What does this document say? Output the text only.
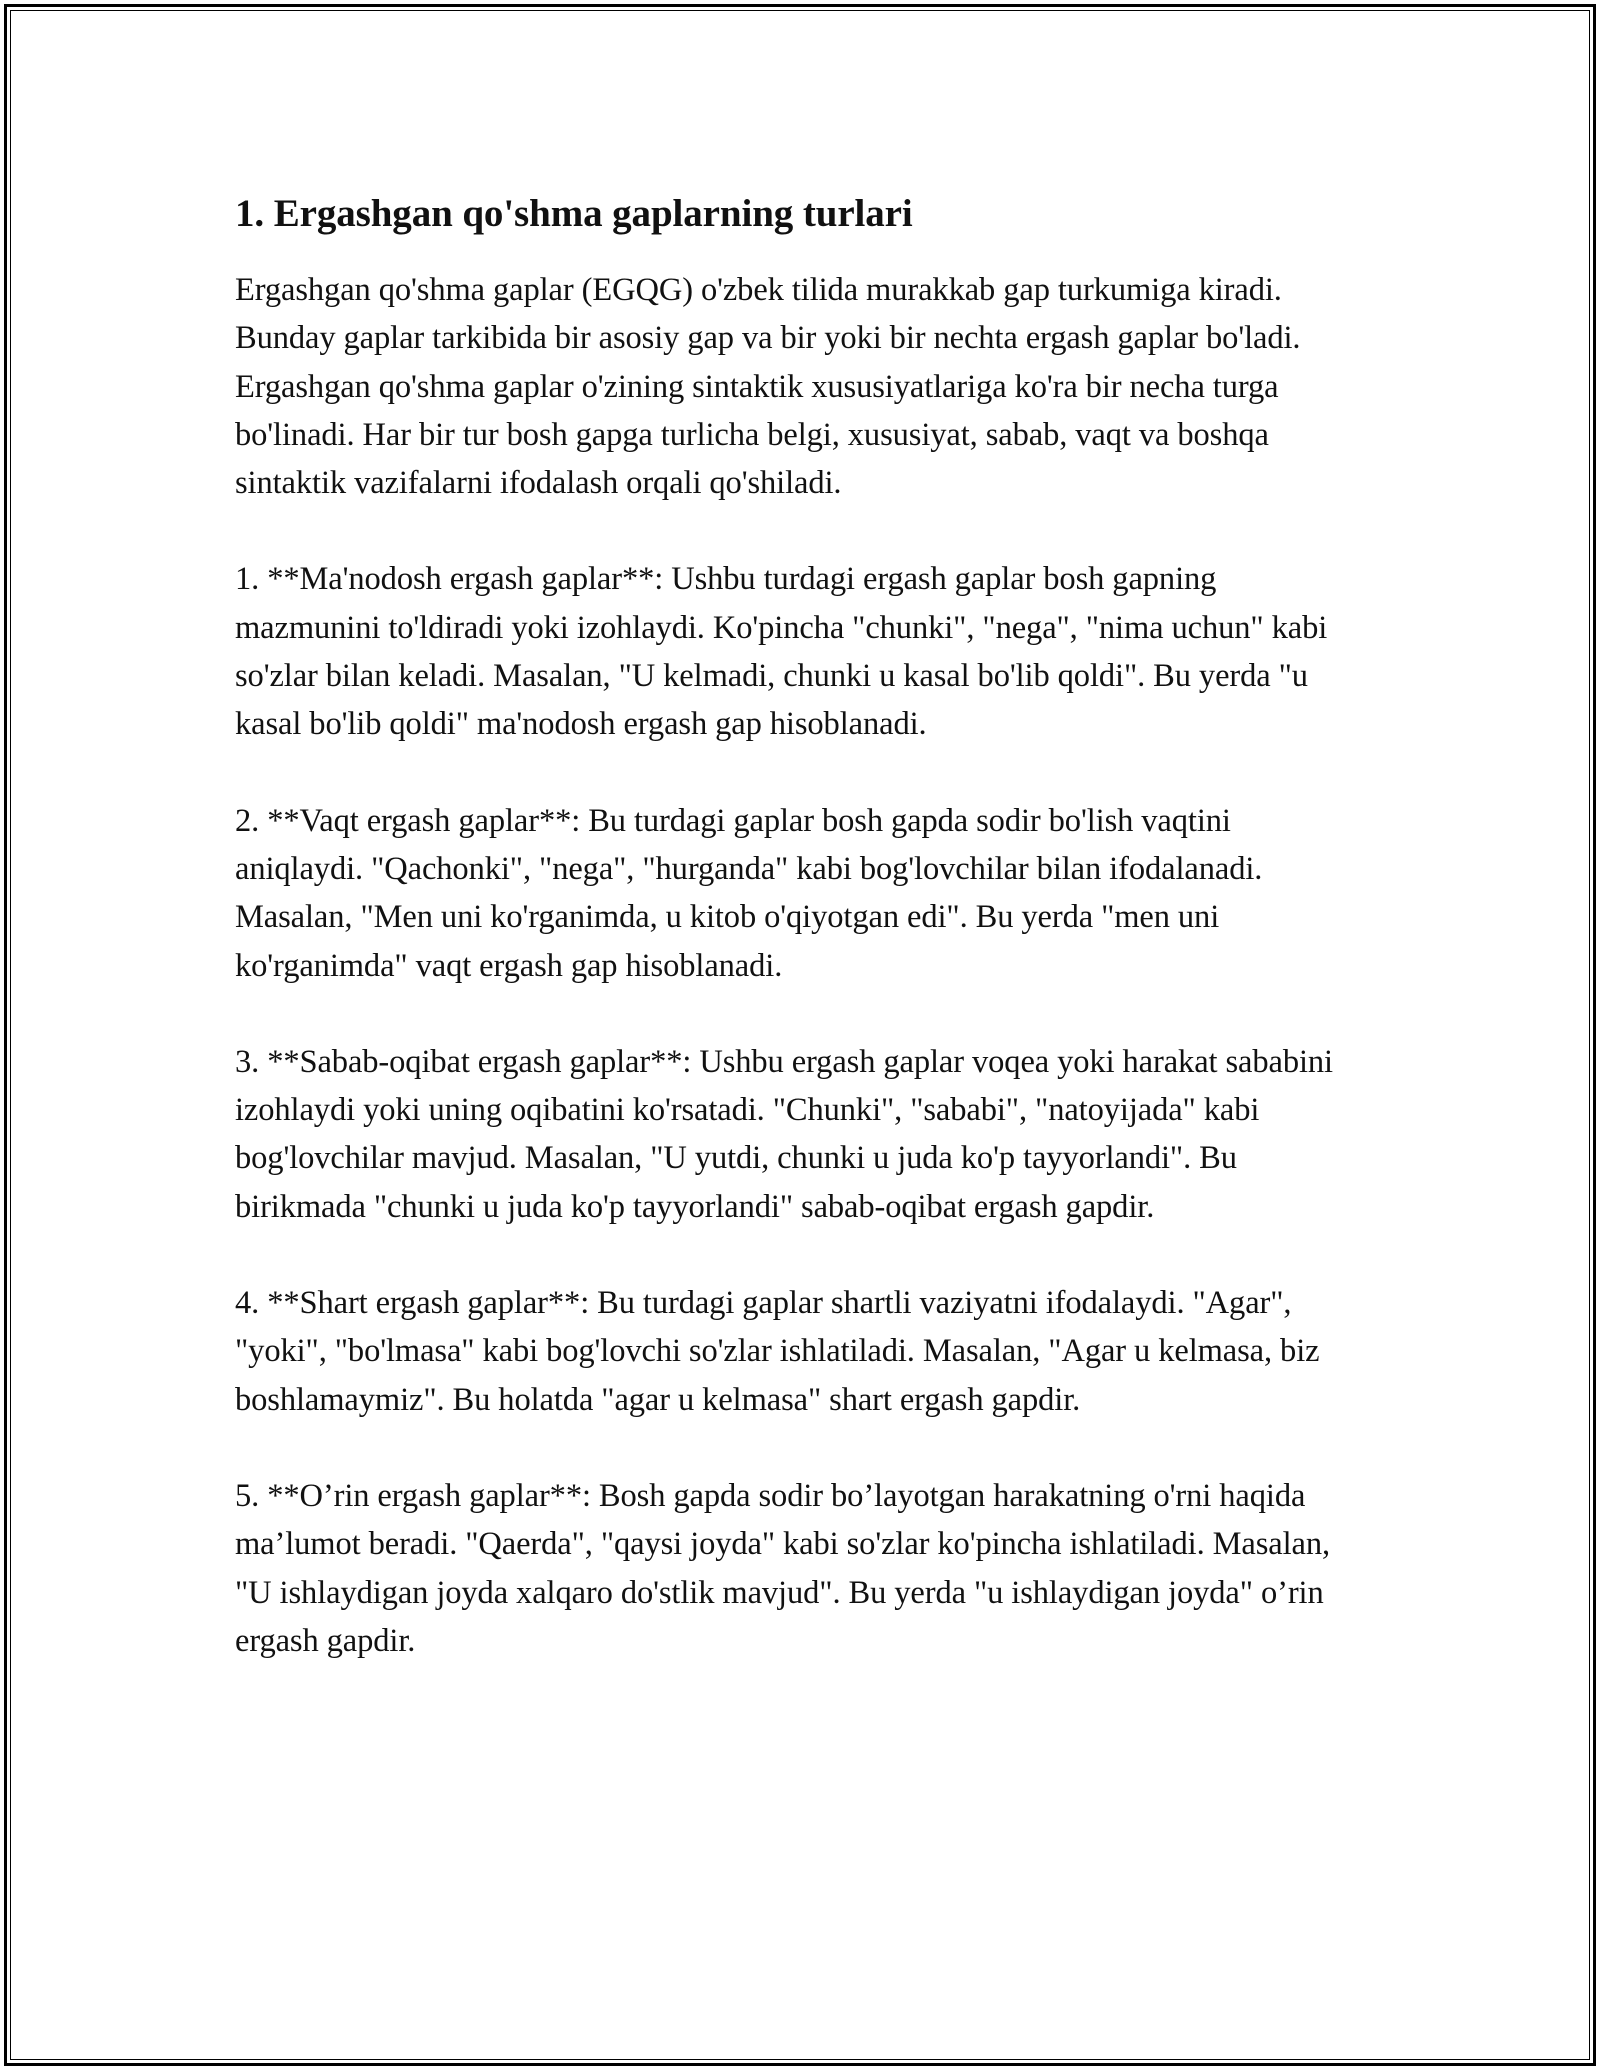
1. Ergashgan qo'shma gaplarning turlari

Ergashgan qo'shma gaplar (EGQG) o'zbek tilida murakkab gap turkumiga kiradi. Bunday gaplar tarkibida bir asosiy gap va bir yoki bir nechta ergash gaplar bo'ladi. Ergashgan qo'shma gaplar o'zining sintaktik xususiyatlariga ko'ra bir necha turga bo'linadi. Har bir tur bosh gapga turlicha belgi, xususiyat, sabab, vaqt va boshqa sintaktik vazifalarni ifodalash orqali qo'shiladi.

1. **Ma'nodosh ergash gaplar**: Ushbu turdagi ergash gaplar bosh gapning mazmunini to'ldiradi yoki izohlaydi. Ko'pincha "chunki", "nega", "nima uchun" kabi so'zlar bilan keladi. Masalan, "U kelmadi, chunki u kasal bo'lib qoldi". Bu yerda "u kasal bo'lib qoldi" ma'nodosh ergash gap hisoblanadi.

2. **Vaqt ergash gaplar**: Bu turdagi gaplar bosh gapda sodir bo'lish vaqtini aniqlaydi. "Qachonki", "nega", "hurganda" kabi bog'lovchilar bilan ifodalanadi. Masalan, "Men uni ko'rganimda, u kitob o'qiyotgan edi". Bu yerda "men uni ko'rganimda" vaqt ergash gap hisoblanadi.

3. **Sabab-oqibat ergash gaplar**: Ushbu ergash gaplar voqea yoki harakat sababini izohlaydi yoki uning oqibatini ko'rsatadi. "Chunki", "sababi", "natoyijada" kabi bog'lovchilar mavjud. Masalan, "U yutdi, chunki u juda ko'p tayyorlandi". Bu birikmada "chunki u juda ko'p tayyorlandi" sabab-oqibat ergash gapdir.

4. **Shart ergash gaplar**: Bu turdagi gaplar shartli vaziyatni ifodalaydi. "Agar", "yoki", "bo'lmasa" kabi bog'lovchi so'zlar ishlatiladi. Masalan, "Agar u kelmasa, biz boshlamaymiz". Bu holatda "agar u kelmasa" shart ergash gapdir.

5. **O’rin ergash gaplar**: Bosh gapda sodir bo’layotgan harakatning o'rni haqida ma’lumot beradi. "Qaerda", "qaysi joyda" kabi so'zlar ko'pincha ishlatiladi. Masalan, "U ishlaydigan joyda xalqaro do'stlik mavjud". Bu yerda "u ishlaydigan joyda" o’rin ergash gapdir.
